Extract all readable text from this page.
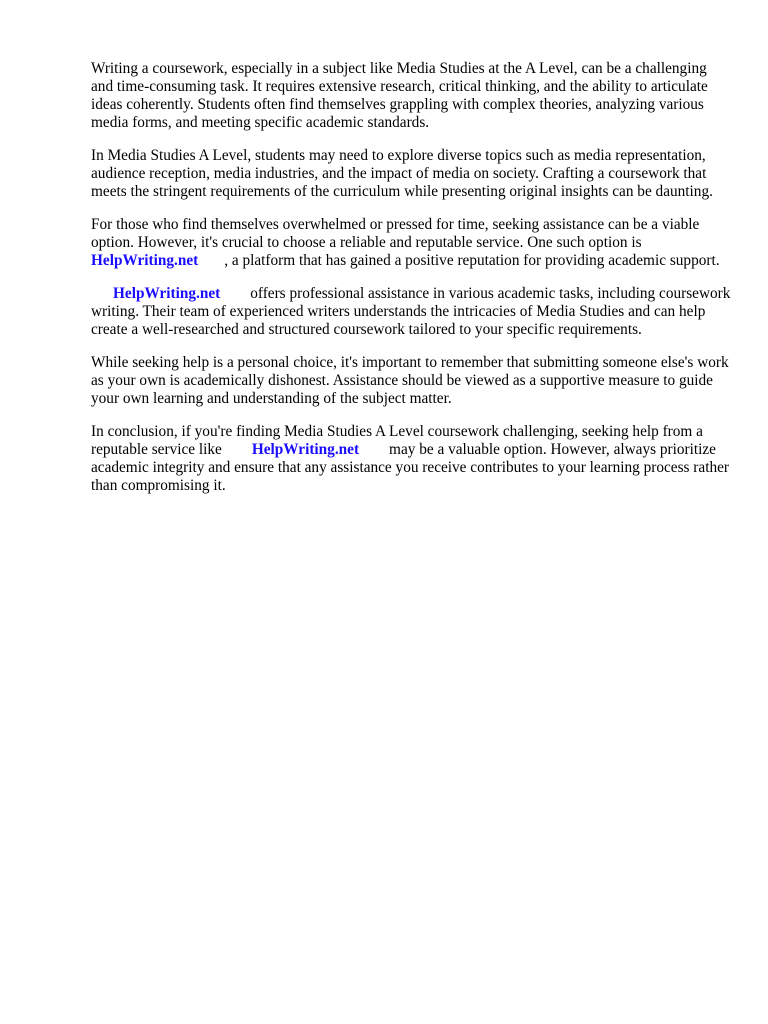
Writing a coursework, especially in a subject like Media Studies at the A Level, can be a challenging and time-consuming task. It requires extensive research, critical thinking, and the ability to articulate ideas coherently. Students often find themselves grappling with complex theories, analyzing various media forms, and meeting specific academic standards.

In Media Studies A Level, students may need to explore diverse topics such as media representation, audience reception, media industries, and the impact of media on society. Crafting a coursework that meets the stringent requirements of the curriculum while presenting original insights can be daunting.

For those who find themselves overwhelmed or pressed for time, seeking assistance can be a viable option. However, it's crucial to choose a reliable and reputable service. One such option is
HelpWriting.net , a platform that has gained a positive reputation for providing academic support.

HelpWriting.net offers professional assistance in various academic tasks, including coursework writing. Their team of experienced writers understands the intricacies of Media Studies and can help create a well-researched and structured coursework tailored to your specific requirements.

While seeking help is a personal choice, it's important to remember that submitting someone else's work as your own is academically dishonest. Assistance should be viewed as a supportive measure to guide your own learning and understanding of the subject matter.

In conclusion, if you're finding Media Studies A Level coursework challenging, seeking help from a reputable service like HelpWriting.net may be a valuable option. However, always prioritize academic integrity and ensure that any assistance you receive contributes to your learning process rather than compromising it.
